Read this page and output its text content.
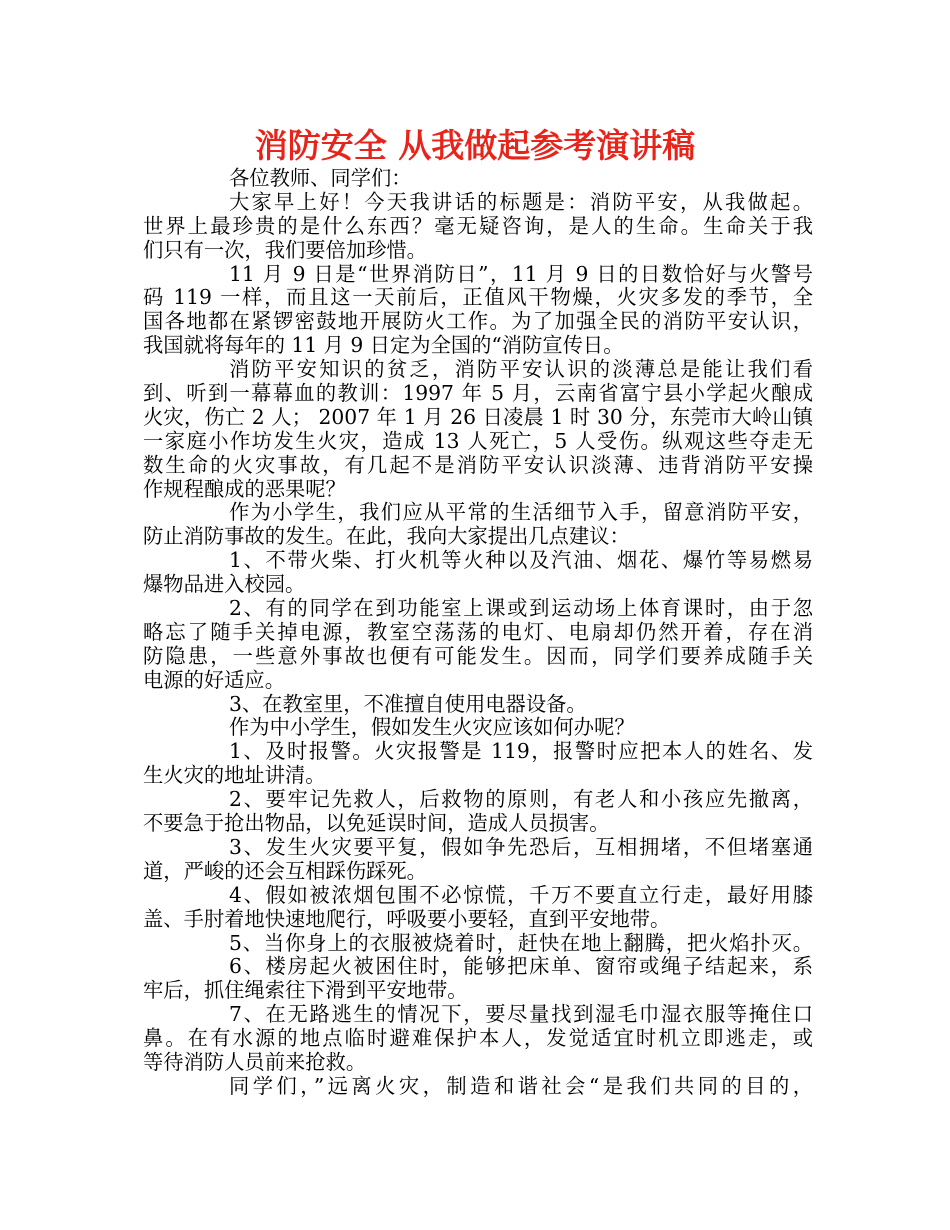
消防安全 从我做起参考演讲稿
各位教师、同学们：
大家早上好！今天我讲话的标题是：消防平安，从我做起。
世界上最珍贵的是什么东西？毫无疑咨询，是人的生命。生命关于我
们只有一次，我们要倍加珍惜。
11 月 9 日是“世界消防日”，11 月 9 日的日数恰好与火警号
码 119 一样，而且这一天前后，正值风干物燥，火灾多发的季节，全
国各地都在紧锣密鼓地开展防火工作。为了加强全民的消防平安认识，
我国就将每年的 11 月 9 日定为全国的“消防宣传日。
消防平安知识的贫乏，消防平安认识的淡薄总是能让我们看
到、听到一幕幕血的教训：1997 年 5 月，云南省富宁县小学起火酿成
火灾，伤亡 2 人； 2007 年 1 月 26 日凌晨 1 时 30 分，东莞市大岭山镇
一家庭小作坊发生火灾，造成 13 人死亡，5 人受伤。纵观这些夺走无
数生命的火灾事故，有几起不是消防平安认识淡薄、违背消防平安操
作规程酿成的恶果呢？
作为小学生，我们应从平常的生活细节入手，留意消防平安，
防止消防事故的发生。在此，我向大家提出几点建议：
1、不带火柴、打火机等火种以及汽油、烟花、爆竹等易燃易
爆物品进入校园。
2、有的同学在到功能室上课或到运动场上体育课时，由于忽
略忘了随手关掉电源，教室空荡荡的电灯、电扇却仍然开着，存在消
防隐患，一些意外事故也便有可能发生。因而，同学们要养成随手关
电源的好适应。
3、在教室里，不准擅自使用电器设备。
作为中小学生，假如发生火灾应该如何办呢？
1、及时报警。火灾报警是 119，报警时应把本人的姓名、发
生火灾的地址讲清。
2、要牢记先救人，后救物的原则，有老人和小孩应先撤离，
不要急于抢出物品，以免延误时间，造成人员损害。
3、发生火灾要平复，假如争先恐后，互相拥堵，不但堵塞通
道，严峻的还会互相踩伤踩死。
4、假如被浓烟包围不必惊慌，千万不要直立行走，最好用膝
盖、手肘着地快速地爬行，呼吸要小要轻，直到平安地带。
5、当你身上的衣服被烧着时，赶快在地上翻腾，把火焰扑灭。
6、楼房起火被困住时，能够把床单、窗帘或绳子结起来，系
牢后，抓住绳索往下滑到平安地带。
7、在无路逃生的情况下，要尽量找到湿毛巾湿衣服等掩住口
鼻。在有水源的地点临时避难保护本人，发觉适宜时机立即逃走，或
等待消防人员前来抢救。
同学们，”远离火灾，制造和谐社会“是我们共同的目的，
